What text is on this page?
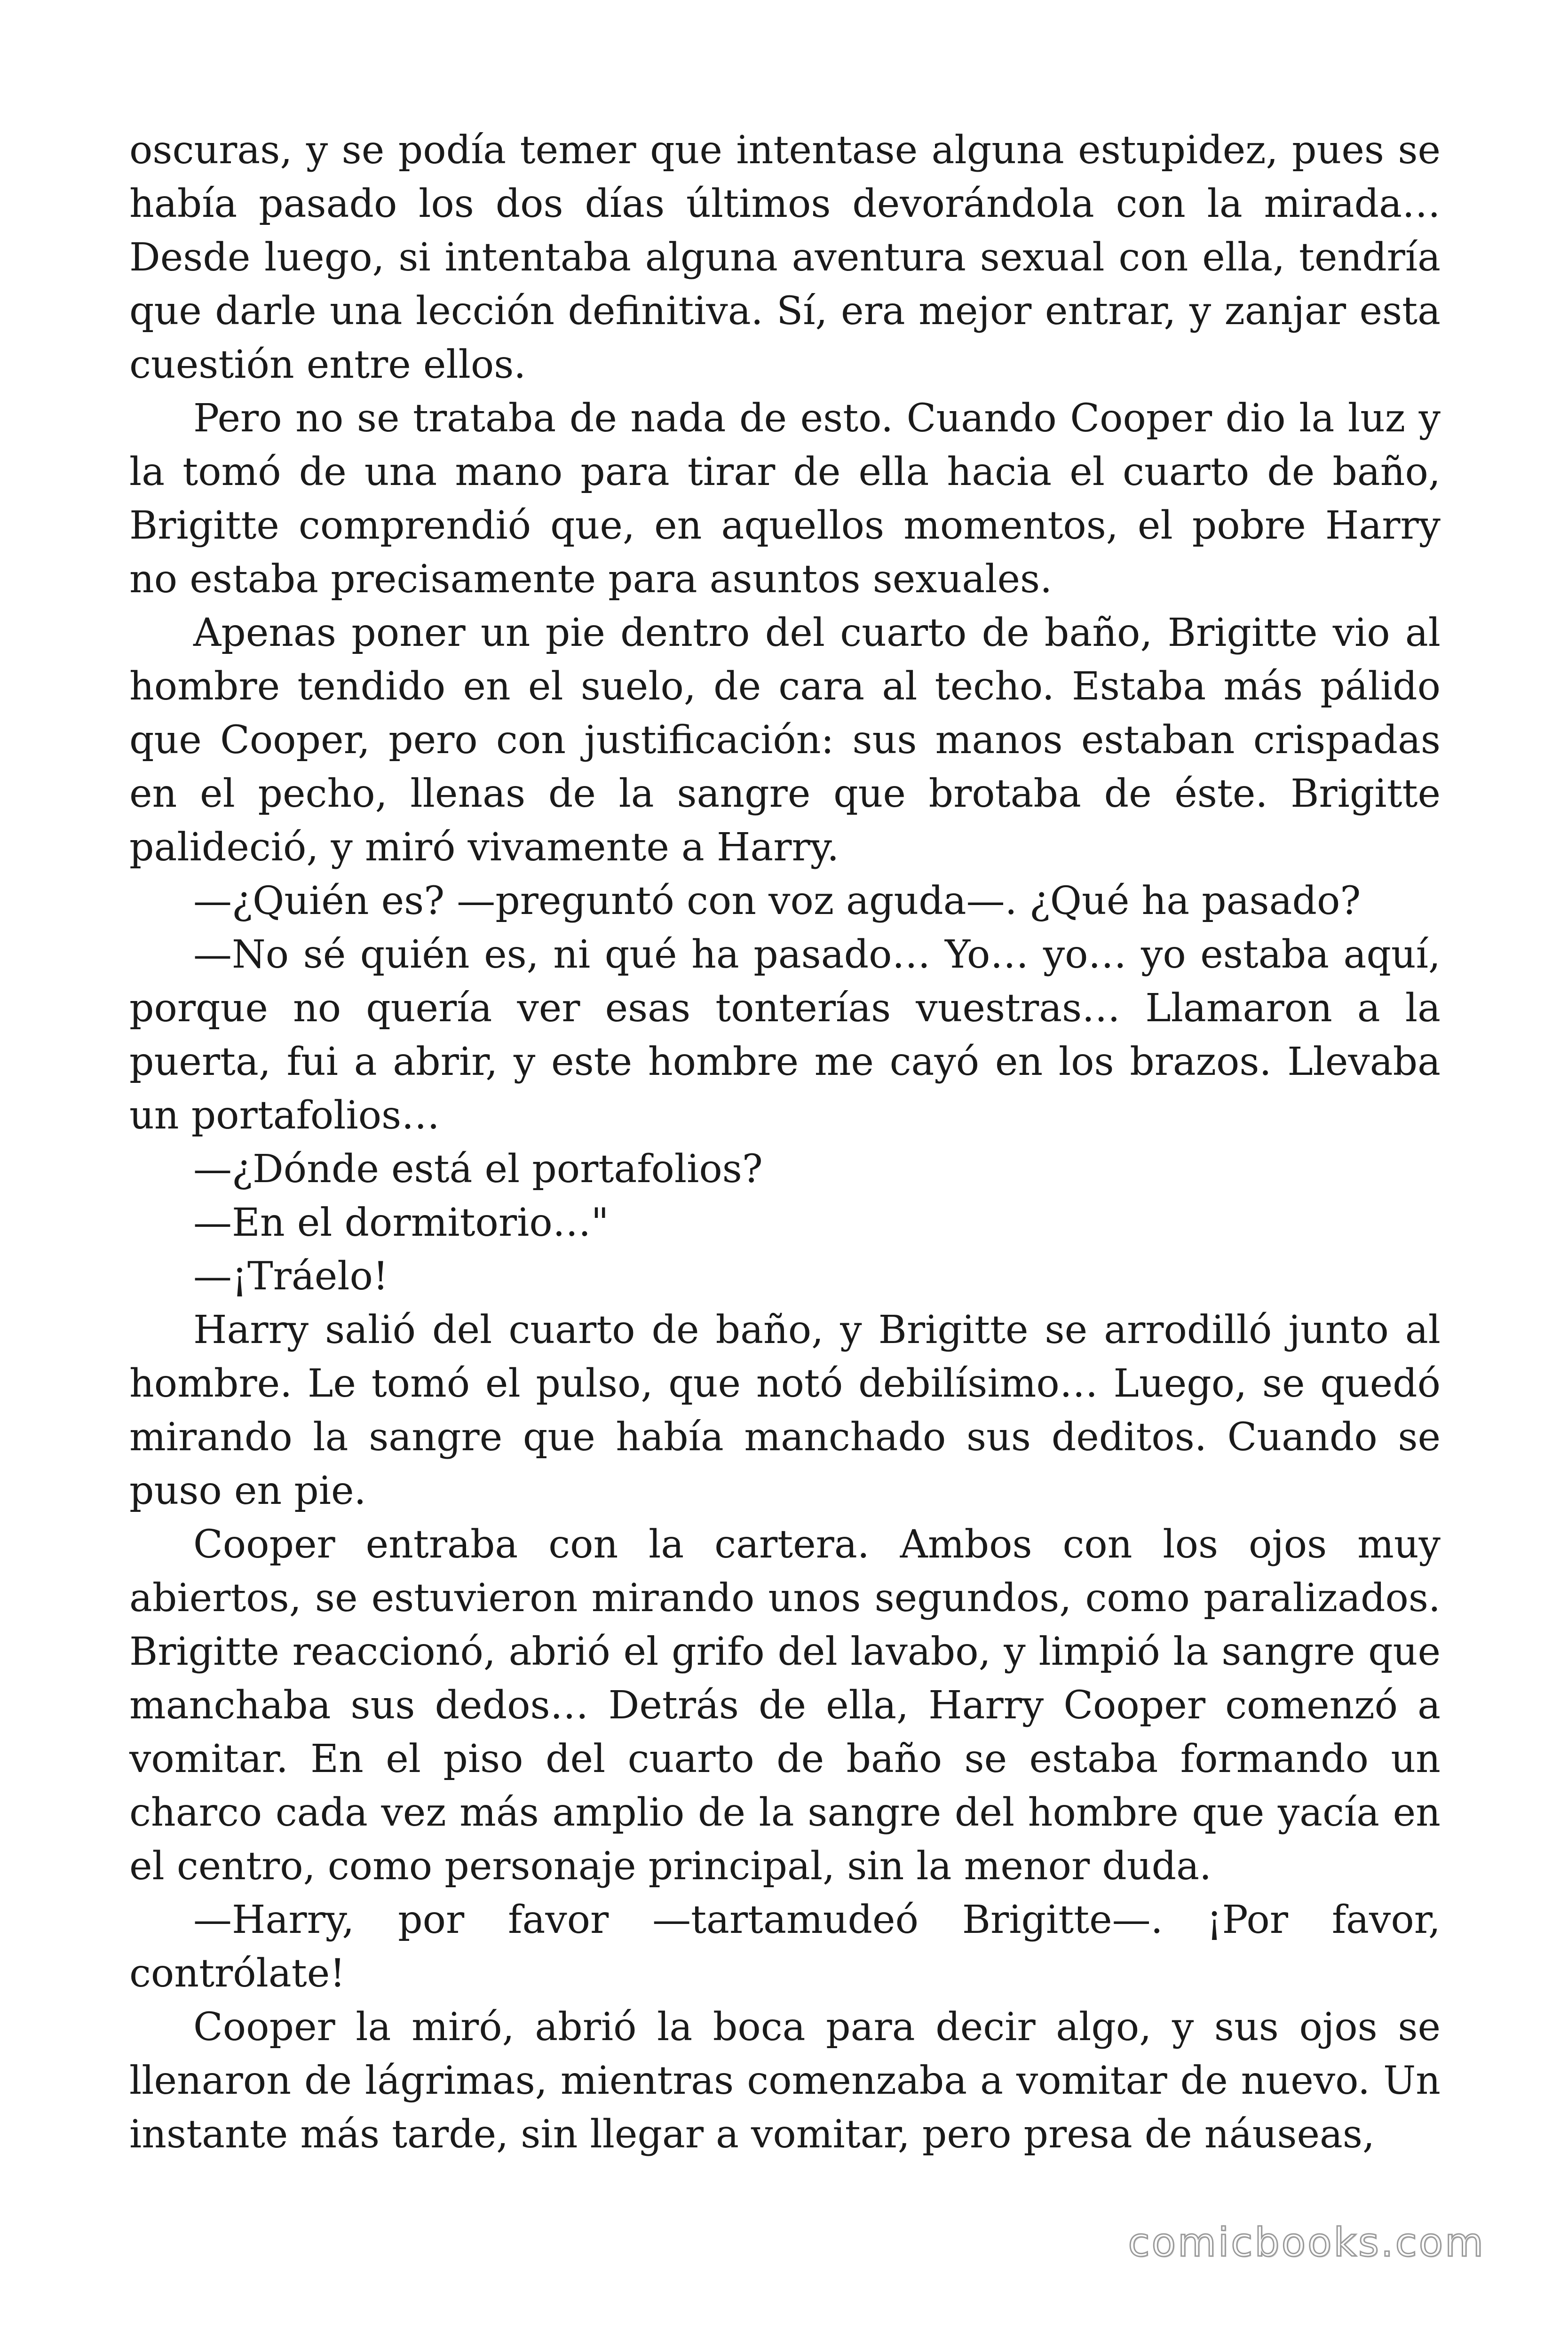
oscuras, y se podía temer que intentase alguna estupidez, pues se había pasado los dos días últimos devorándola con la mirada… Desde luego, si intentaba alguna aventura sexual con ella, tendría que darle una lección definitiva. Sí, era mejor entrar, y zanjar esta cuestión entre ellos.

Pero no se trataba de nada de esto. Cuando Cooper dio la luz y la tomó de una mano para tirar de ella hacia el cuarto de baño, Brigitte comprendió que, en aquellos momentos, el pobre Harry no estaba precisamente para asuntos sexuales.

Apenas poner un pie dentro del cuarto de baño, Brigitte vio al hombre tendido en el suelo, de cara al techo. Estaba más pálido que Cooper, pero con justificación: sus manos estaban crispadas en el pecho, llenas de la sangre que brotaba de éste. Brigitte palideció, y miró vivamente a Harry.

—¿Quién es? —preguntó con voz aguda—. ¿Qué ha pasado?

—No sé quién es, ni qué ha pasado… Yo… yo… yo estaba aquí, porque no quería ver esas tonterías vuestras… Llamaron a la puerta, fui a abrir, y este hombre me cayó en los brazos. Llevaba un portafolios…

—¿Dónde está el portafolios?

—En el dormitorio…"

—¡Tráelo!

Harry salió del cuarto de baño, y Brigitte se arrodilló junto al hombre. Le tomó el pulso, que notó debilísimo… Luego, se quedó mirando la sangre que había manchado sus deditos. Cuando se puso en pie.

Cooper entraba con la cartera. Ambos con los ojos muy abiertos, se estuvieron mirando unos segundos, como paralizados. Brigitte reaccionó, abrió el grifo del lavabo, y limpió la sangre que manchaba sus dedos… Detrás de ella, Harry Cooper comenzó a vomitar. En el piso del cuarto de baño se estaba formando un charco cada vez más amplio de la sangre del hombre que yacía en el centro, como personaje principal, sin la menor duda.

—Harry, por favor —tartamudeó Brigitte—. ¡Por favor, contrólate!

Cooper la miró, abrió la boca para decir algo, y sus ojos se llenaron de lágrimas, mientras comenzaba a vomitar de nuevo. Un instante más tarde, sin llegar a vomitar, pero presa de náuseas,

comicbooks.com
